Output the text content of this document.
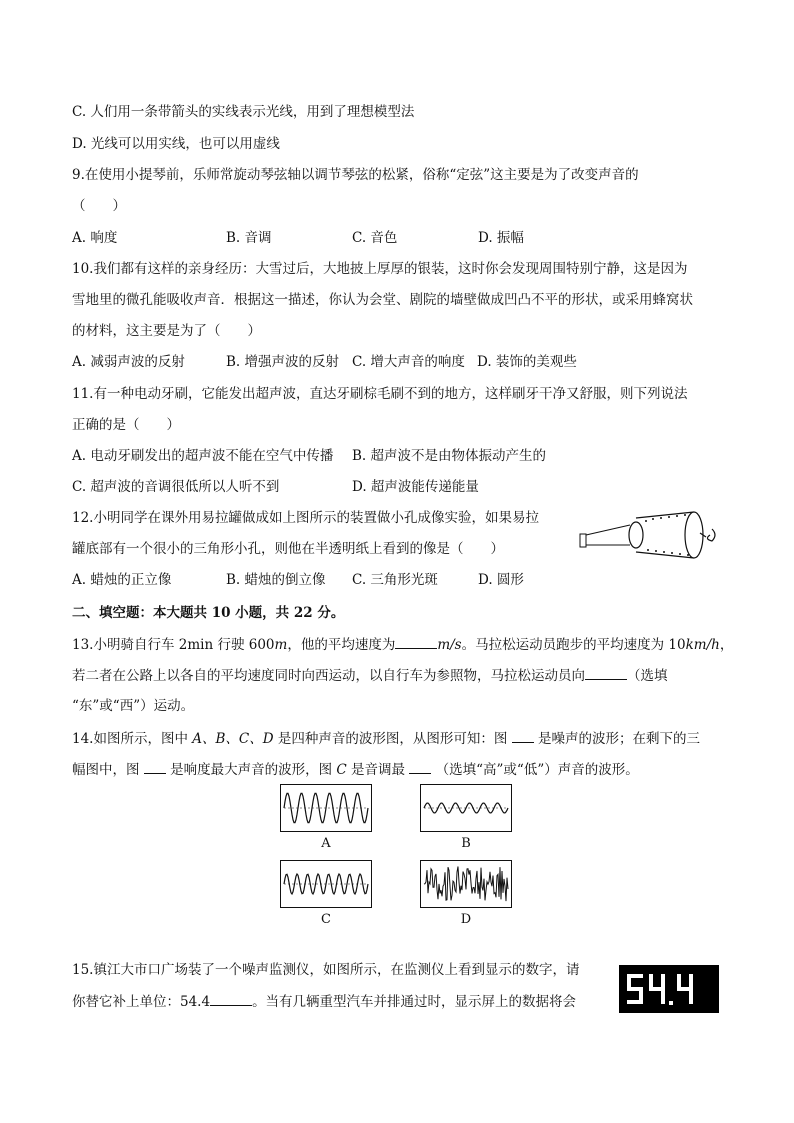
C. 人们用一条带箭头的实线表示光线，用到了理想模型法
D. 光线可以用实线，也可以用虚线
9.在使用小提琴前，乐师常旋动琴弦轴以调节琴弦的松紧，俗称“定弦”这主要是为了改变声音的
（　　）
A. 响度	B. 音调	C. 音色	D. 振幅
10.我们都有这样的亲身经历：大雪过后，大地披上厚厚的银装，这时你会发现周围特别宁静，这是因为
雪地里的微孔能吸收声音．根据这一描述，你认为会堂、剧院的墙壁做成凹凸不平的形状，或采用蜂窝状
的材料，这主要是为了（　　）
A. 减弱声波的反射	B. 增强声波的反射 C. 增大声音的响度 D. 装饰的美观些
11.有一种电动牙刷，它能发出超声波，直达牙刷棕毛刷不到的地方，这样刷牙干净又舒服，则下列说法
正确的是（　　）
A. 电动牙刷发出的超声波不能在空气中传播 B. 超声波不是由物体振动产生的
C. 超声波的音调很低所以人听不到	D. 超声波能传递能量
12.小明同学在课外用易拉罐做成如上图所示的装置做小孔成像实验，如果易拉
罐底部有一个很小的三角形小孔，则他在半透明纸上看到的像是（　　）
A. 蜡烛的正立像	B. 蜡烛的倒立像 C. 三角形光斑	D. 圆形
二、填空题：本大题共 10 小题，共 22 分。
13.小明骑自行车 2min 行驶 600m，他的平均速度为	m/s。马拉松运动员跑步的平均速度为 10km/h，
若二者在公路上以各自的平均速度同时向西运动，以自行车为参照物，马拉松运动员向	（选填
“东”或“西”）运动。
14.如图所示，图中 A、B、C、D 是四种声音的波形图，从图形可知：图  是噪声的波形；在剩下的三
幅图中，图  是响度最大声音的波形，图 C 是音调最  （选填“高”或“低”）声音的波形。
A	B
C	D
15.镇江大市口广场装了一个噪声监测仪，如图所示，在监测仪上看到显示的数字，请
你替它补上单位：54.4	。当有几辆重型汽车并排通过时，显示屏上的数据将会
